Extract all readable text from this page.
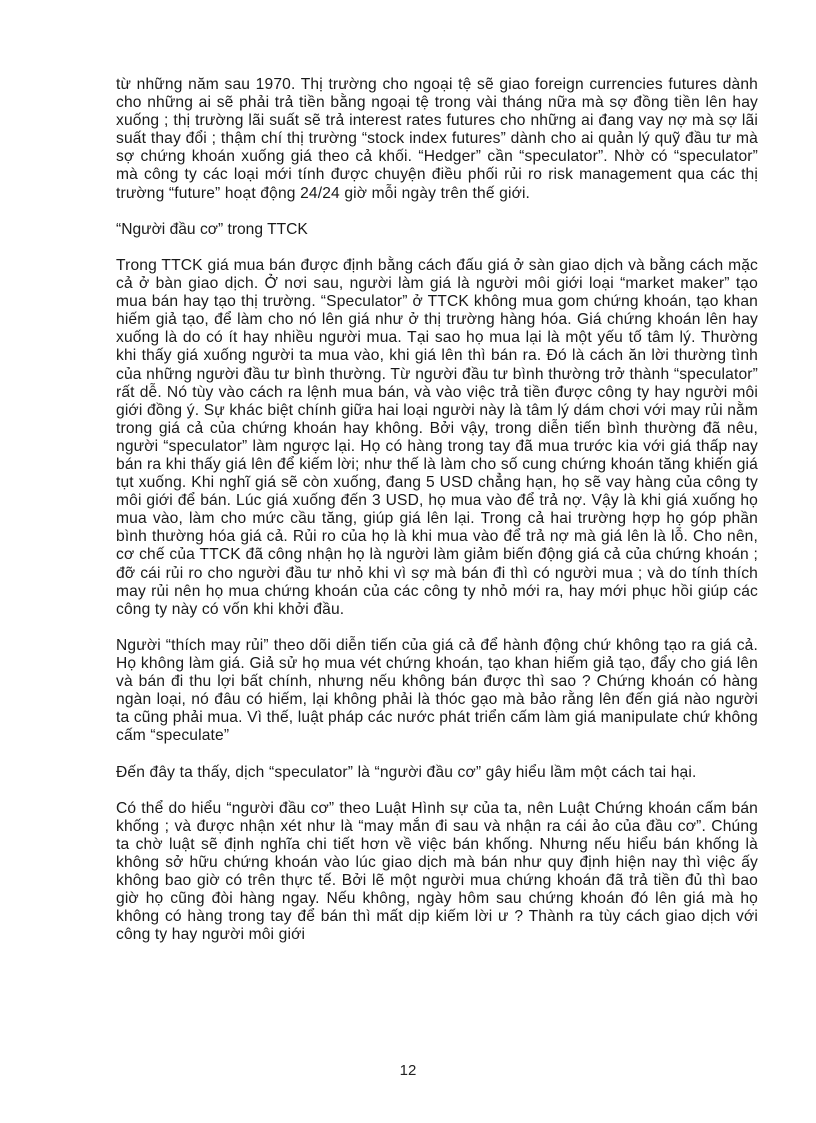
từ những năm sau 1970. Thị trường cho ngoại tệ sẽ giao foreign currencies futures dành cho những ai sẽ phải trả tiền bằng ngoại tệ trong vài tháng nữa mà sợ đồng tiền lên hay xuống ; thị trường lãi suất sẽ trả interest rates futures cho những ai đang vay nợ mà sợ lãi suất thay đổi ; thậm chí thị trường “stock index futures” dành cho ai quản lý quỹ đầu tư mà sợ chứng khoán xuống giá theo cả khối. “Hedger” cần “speculator”. Nhờ có “speculator” mà công ty các loại mới tính được chuyện điều phối rủi ro risk management qua các thị trường “future” hoạt động 24/24 giờ mỗi ngày trên thế giới.

“Người đầu cơ” trong TTCK

Trong TTCK giá mua bán được định bằng cách đấu giá ở sàn giao dịch và bằng cách mặc cả ở bàn giao dịch. Ở nơi sau, người làm giá là người môi giới loại “market maker” tạo mua bán hay tạo thị trường. “Speculator” ở TTCK không mua gom chứng khoán, tạo khan hiếm giả tạo, để làm cho nó lên giá như ở thị trường hàng hóa. Giá chứng khoán lên hay xuống là do có ít hay nhiều người mua. Tại sao họ mua lại là một yếu tố tâm lý. Thường khi thấy giá xuống người ta mua vào, khi giá lên thì bán ra. Đó là cách ăn lời thường tình của những người đầu tư bình thường. Từ người đầu tư bình thường trở thành “speculator” rất dễ. Nó tùy vào cách ra lệnh mua bán, và vào việc trả tiền được công ty hay người môi giới đồng ý. Sự khác biệt chính giữa hai loại người này là tâm lý dám chơi với may rủi nằm trong giá cả của chứng khoán hay không. Bởi vậy, trong diễn tiến bình thường đã nêu, người “speculator” làm ngược lại. Họ có hàng trong tay đã mua trước kia với giá thấp nay bán ra khi thấy giá lên để kiếm lời; như thế là làm cho số cung chứng khoán tăng khiến giá tụt xuống. Khi nghĩ giá sẽ còn xuống, đang 5 USD chẳng hạn, họ sẽ vay hàng của công ty môi giới để bán. Lúc giá xuống đến 3 USD, họ mua vào để trả nợ. Vậy là khi giá xuống họ mua vào, làm cho mức cầu tăng, giúp giá lên lại. Trong cả hai trường hợp họ góp phần bình thường hóa giá cả. Rủi ro của họ là khi mua vào để trả nợ mà giá lên là lỗ. Cho nên, cơ chế của TTCK đã công nhận họ là người làm giảm biến động giá cả của chứng khoán ; đỡ cái rủi ro cho người đầu tư nhỏ khi vì sợ mà bán đi thì có người mua ; và do tính thích may rủi nên họ mua chứng khoán của các công ty nhỏ mới ra, hay mới phục hồi giúp các công ty này có vốn khi khởi đầu.

Người “thích may rủi” theo dõi diễn tiến của giá cả để hành động chứ không tạo ra giá cả. Họ không làm giá. Giả sử họ mua vét chứng khoán, tạo khan hiếm giả tạo, đẩy cho giá lên và bán đi thu lợi bất chính, nhưng nếu không bán được thì sao ? Chứng khoán có hàng ngàn loại, nó đâu có hiếm, lại không phải là thóc gạo mà bảo rằng lên đến giá nào người ta cũng phải mua. Vì thế, luật pháp các nước phát triển cấm làm giá manipulate chứ không cấm “speculate”

Đến đây ta thấy, dịch “speculator” là “người đầu cơ” gây hiểu lầm một cách tai hại.

Có thể do hiểu “người đầu cơ” theo Luật Hình sự của ta, nên Luật Chứng khoán cấm bán khống ; và được nhận xét như là “may mắn đi sau và nhận ra cái ảo của đầu cơ”. Chúng ta chờ luật sẽ định nghĩa chi tiết hơn về việc bán khống. Nhưng nếu hiểu bán khống là không sở hữu chứng khoán vào lúc giao dịch mà bán như quy định hiện nay thì việc ấy không bao giờ có trên thực tế. Bởi lẽ một người mua chứng khoán đã trả tiền đủ thì bao giờ họ cũng đòi hàng ngay. Nếu không, ngày hôm sau chứng khoán đó lên giá mà họ không có hàng trong tay để bán thì mất dịp kiếm lời ư ? Thành ra tùy cách giao dịch với công ty hay người môi giới

12
